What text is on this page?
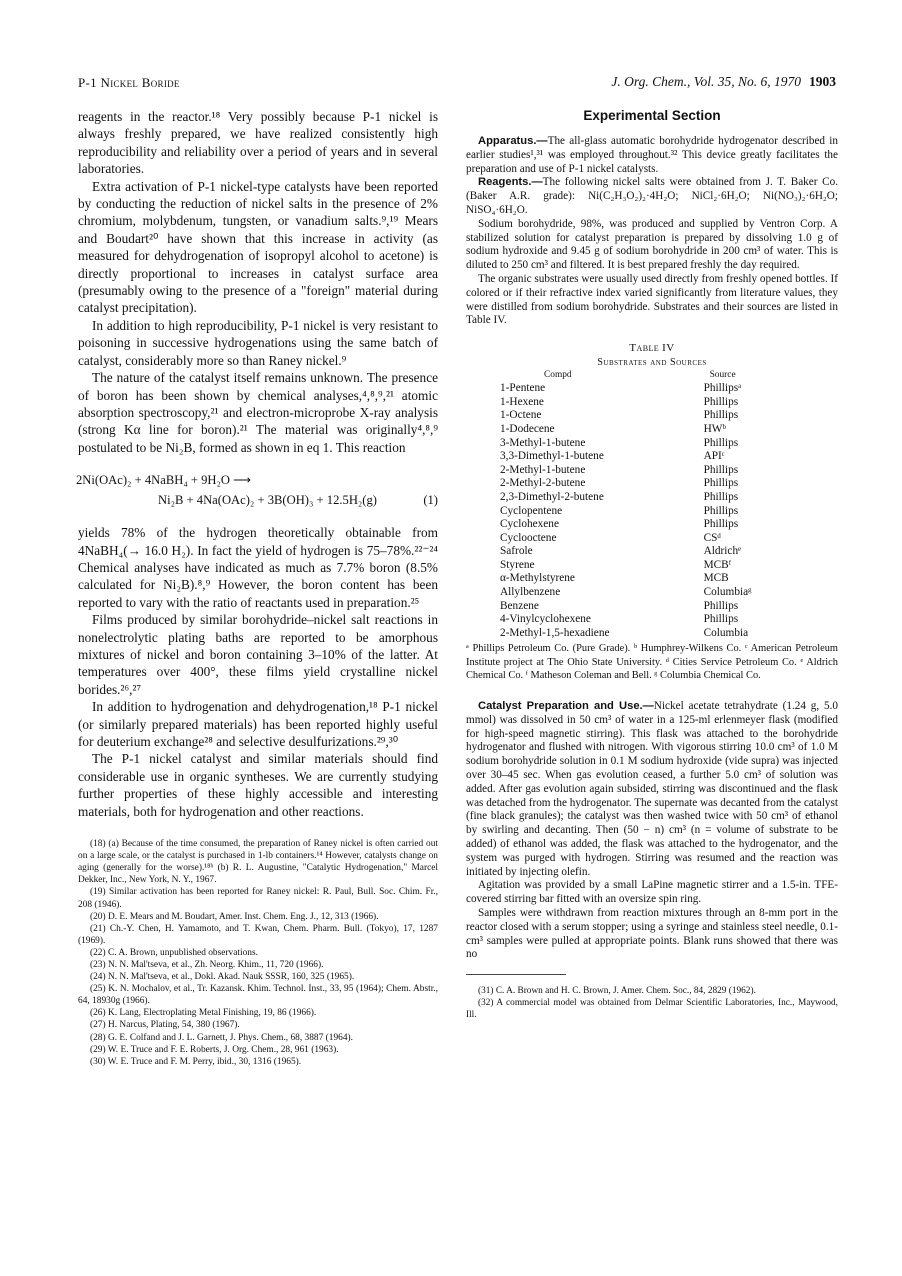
P-1 Nickel Boride	J. Org. Chem., Vol. 35, No. 6, 1970 1903

reagents in the reactor.¹⁸ Very possibly because P-1 nickel is always freshly prepared, we have realized consistently high reproducibility and reliability over a period of years and in several laboratories.

Extra activation of P-1 nickel-type catalysts have been reported by conducting the reduction of nickel salts in the presence of 2% chromium, molybdenum, tungsten, or vanadium salts.⁹,¹⁹ Mears and Boudart²⁰ have shown that this increase in activity (as measured for dehydrogenation of isopropyl alcohol to acetone) is directly proportional to increases in catalyst surface area (presumably owing to the presence of a "foreign" material during catalyst precipitation).

In addition to high reproducibility, P-1 nickel is very resistant to poisoning in successive hydrogenations using the same batch of catalyst, considerably more so than Raney nickel.⁹

The nature of the catalyst itself remains unknown. The presence of boron has been shown by chemical analyses,⁴,⁸,⁹,²¹ atomic absorption spectroscopy,²¹ and electron-microprobe X-ray analysis (strong Kα line for boron).²¹ The material was originally⁴,⁸,⁹ postulated to be Ni₂B, formed as shown in eq 1. This reaction

2Ni(OAc)₂ + 4NaBH₄ + 9H₂O ⟶
Ni₂B + 4Na(OAc)₂ + 3B(OH)₃ + 12.5H₂(g)	(1)

yields 78% of the hydrogen theoretically obtainable from 4NaBH₄(→ 16.0 H₂). In fact the yield of hydrogen is 75–78%.²²⁻²⁴ Chemical analyses have indicated as much as 7.7% boron (8.5% calculated for Ni₂B).⁸,⁹ However, the boron content has been reported to vary with the ratio of reactants used in preparation.²⁵

Films produced by similar borohydride–nickel salt reactions in nonelectrolytic plating baths are reported to be amorphous mixtures of nickel and boron containing 3–10% of the latter. At temperatures over 400°, these films yield crystalline nickel borides.²⁶,²⁷

In addition to hydrogenation and dehydrogenation,¹⁸ P-1 nickel (or similarly prepared materials) has been reported highly useful for deuterium exchange²⁸ and selective desulfurizations.²⁹,³⁰

The P-1 nickel catalyst and similar materials should find considerable use in organic syntheses. We are currently studying further properties of these highly accessible and interesting materials, both for hydrogenation and other reactions.

(18) (a) Because of the time consumed, the preparation of Raney nickel is often carried out on a large scale, or the catalyst is purchased in 1-lb containers.¹⁴ However, catalysts change on aging (generally for the worse).¹⁸ᵇ (b) R. L. Augustine, "Catalytic Hydrogenation," Marcel Dekker, Inc., New York, N. Y., 1967.

(19) Similar activation has been reported for Raney nickel: R. Paul, Bull. Soc. Chim. Fr., 208 (1946).

(20) D. E. Mears and M. Boudart, Amer. Inst. Chem. Eng. J., 12, 313 (1966).

(21) Ch.-Y. Chen, H. Yamamoto, and T. Kwan, Chem. Pharm. Bull. (Tokyo), 17, 1287 (1969).

(22) C. A. Brown, unpublished observations.

(23) N. N. Mal'tseva, et al., Zh. Neorg. Khim., 11, 720 (1966).

(24) N. N. Mal'tseva, et al., Dokl. Akad. Nauk SSSR, 160, 325 (1965).

(25) K. N. Mochalov, et al., Tr. Kazansk. Khim. Technol. Inst., 33, 95 (1964); Chem. Abstr., 64, 18930g (1966).

(26) K. Lang, Electroplating Metal Finishing, 19, 86 (1966).

(27) H. Narcus, Plating, 54, 380 (1967).

(28) G. E. Colfand and J. L. Garnett, J. Phys. Chem., 68, 3887 (1964).

(29) W. E. Truce and F. E. Roberts, J. Org. Chem., 28, 961 (1963).

(30) W. E. Truce and F. M. Perry, ibid., 30, 1316 (1965).

Experimental Section

Apparatus.—The all-glass automatic borohydride hydrogenator described in earlier studies¹,³¹ was employed throughout.³² This device greatly facilitates the preparation and use of P-1 nickel catalysts.

Reagents.—The following nickel salts were obtained from J. T. Baker Co. (Baker A.R. grade): Ni(C₂H₃O₂)₂·4H₂O; NiCl₂·6H₂O; Ni(NO₃)₂·6H₂O; NiSO₄·6H₂O.

Sodium borohydride, 98%, was produced and supplied by Ventron Corp. A stabilized solution for catalyst preparation is prepared by dissolving 1.0 g of sodium hydroxide and 9.45 g of sodium borohydride in 200 cm³ of water. This is diluted to 250 cm³ and filtered. It is best prepared freshly the day required.

The organic substrates were usually used directly from freshly opened bottles. If colored or if their refractive index varied significantly from literature values, they were distilled from sodium borohydride. Substrates and their sources are listed in Table IV.

Table IV
Substrates and Sources
Compd	Source
1-Pentene	Phillipsᵃ
1-Hexene	Phillips
1-Octene	Phillips
1-Dodecene	HWᵇ
3-Methyl-1-butene	Phillips
3,3-Dimethyl-1-butene	APIᶜ
2-Methyl-1-butene	Phillips
2-Methyl-2-butene	Phillips
2,3-Dimethyl-2-butene	Phillips
Cyclopentene	Phillips
Cyclohexene	Phillips
Cyclooctene	CSᵈ
Safrole	Aldrichᵉ
Styrene	MCBᶠ
α-Methylstyrene	MCB
Allylbenzene	Columbiaᵍ
Benzene	Phillips
4-Vinylcyclohexene	Phillips
2-Methyl-1,5-hexadiene	Columbia
ᵃ Phillips Petroleum Co. (Pure Grade). ᵇ Humphrey-Wilkens Co. ᶜ American Petroleum Institute project at The Ohio State University. ᵈ Cities Service Petroleum Co. ᵉ Aldrich Chemical Co. ᶠ Matheson Coleman and Bell. ᵍ Columbia Chemical Co.

Catalyst Preparation and Use.—Nickel acetate tetrahydrate (1.24 g, 5.0 mmol) was dissolved in 50 cm³ of water in a 125-ml erlenmeyer flask (modified for high-speed magnetic stirring). This flask was attached to the borohydride hydrogenator and flushed with nitrogen. With vigorous stirring 10.0 cm³ of 1.0 M sodium borohydride solution in 0.1 M sodium hydroxide (vide supra) was injected over 30–45 sec. When gas evolution ceased, a further 5.0 cm³ of solution was added. After gas evolution again subsided, stirring was discontinued and the flask was detached from the hydrogenator. The supernate was decanted from the catalyst (fine black granules); the catalyst was then washed twice with 50 cm³ of ethanol by swirling and decanting. Then (50 − n) cm³ (n = volume of substrate to be added) of ethanol was added, the flask was attached to the hydrogenator, and the system was purged with hydrogen. Stirring was resumed and the reaction was initiated by injecting olefin.

Agitation was provided by a small LaPine magnetic stirrer and a 1.5-in. TFE-covered stirring bar fitted with an oversize spin ring.

Samples were withdrawn from reaction mixtures through an 8-mm port in the reactor closed with a serum stopper; using a syringe and stainless steel needle, 0.1-cm³ samples were pulled at appropriate points. Blank runs showed that there was no

(31) C. A. Brown and H. C. Brown, J. Amer. Chem. Soc., 84, 2829 (1962).

(32) A commercial model was obtained from Delmar Scientific Laboratories, Inc., Maywood, Ill.
